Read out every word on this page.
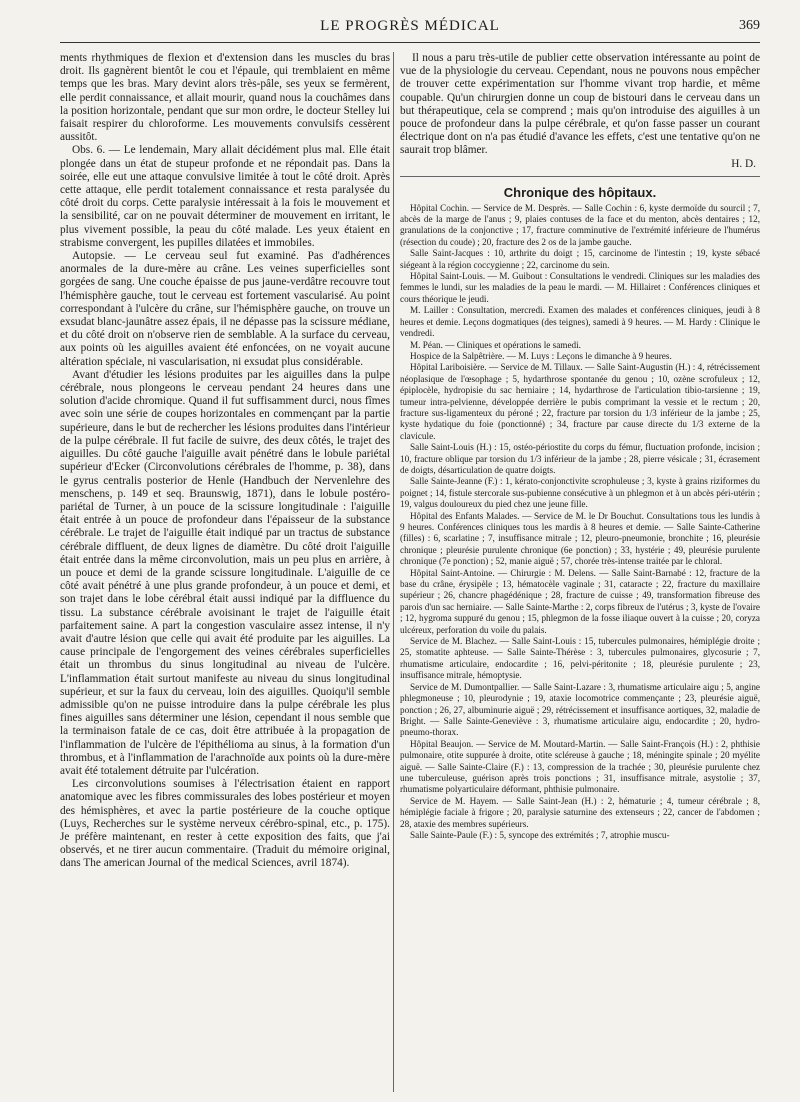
LE PROGRÈS MÉDICAL	369

ments rhythmiques de flexion et d'extension dans les muscles du bras droit. Ils gagnèrent bientôt le cou et l'épaule, qui tremblaient en même temps que les bras. Mary devint alors très-pâle, ses yeux se fermèrent, elle perdit connaissance, et allait mourir, quand nous la couchâmes dans la position horizontale, pendant que sur mon ordre, le docteur Stelley lui faisait respirer du chloroforme. Les mouvements convulsifs cessèrent aussitôt.

Obs. 6. — Le lendemain, Mary allait décidément plus mal. Elle était plongée dans un état de stupeur profonde et ne répondait pas. Dans la soirée, elle eut une attaque convulsive limitée à tout le côté droit. Après cette attaque, elle perdit totalement connaissance et resta paralysée du côté droit du corps. Cette paralysie intéressait à la fois le mouvement et la sensibilité, car on ne pouvait déterminer de mouvement en irritant, le plus vivement possible, la peau du côté malade. Les yeux étaient en strabisme convergent, les pupilles dilatées et immobiles.

Autopsie. — Le cerveau seul fut examiné. Pas d'adhérences anormales de la dure-mère au crâne. Les veines superficielles sont gorgées de sang. Une couche épaisse de pus jaune-verdâtre recouvre tout l'hémisphère gauche, tout le cerveau est fortement vascularisé. Au point correspondant à l'ulcère du crâne, sur l'hémisphère gauche, on trouve un exsudat blanc-jaunâtre assez épais, il ne dépasse pas la scissure médiane, et du côté droit on n'observe rien de semblable. A la surface du cerveau, aux points où les aiguilles avaient été enfoncées, on ne voyait aucune altération spéciale, ni vascularisation, ni exsudat plus considérable.

Avant d'étudier les lésions produites par les aiguilles dans la pulpe cérébrale, nous plongeons le cerveau pendant 24 heures dans une solution d'acide chromique. Quand il fut suffisamment durci, nous fîmes avec soin une série de coupes horizontales en commençant par la partie supérieure, dans le but de rechercher les lésions produites dans l'intérieur de la pulpe cérébrale. Il fut facile de suivre, des deux côtés, le trajet des aiguilles. Du côté gauche l'aiguille avait pénétré dans le lobule pariétal supérieur d'Ecker (Circonvolutions cérébrales de l'homme, p. 38), dans le gyrus centralis posterior de Henle (Handbuch der Nervenlehre des menschens, p. 149 et seq. Braunswig, 1871), dans le lobule postéro-pariétal de Turner, à un pouce de la scissure longitudinale : l'aiguille était entrée à un pouce de profondeur dans l'épaisseur de la substance cérébrale. Le trajet de l'aiguille était indiqué par un tractus de substance cérébrale diffluent, de deux lignes de diamètre. Du côté droit l'aiguille était entrée dans la même circonvolution, mais un peu plus en arrière, à un pouce et demi de la grande scissure longitudinale. L'aiguille de ce côté avait pénétré à une plus grande profondeur, à un pouce et demi, et son trajet dans le lobe cérébral était aussi indiqué par la diffluence du tissu. La substance cérébrale avoisinant le trajet de l'aiguille était parfaitement saine. A part la congestion vasculaire assez intense, il n'y avait d'autre lésion que celle qui avait été produite par les aiguilles. La cause principale de l'engorgement des veines cérébrales superficielles était un thrombus du sinus longitudinal au niveau de l'ulcère. L'inflammation était surtout manifeste au niveau du sinus longitudinal supérieur, et sur la faux du cerveau, loin des aiguilles. Quoiqu'il semble admissible qu'on ne puisse introduire dans la pulpe cérébrale les plus fines aiguilles sans déterminer une lésion, cependant il nous semble que la terminaison fatale de ce cas, doit être attribuée à la propagation de l'inflammation de l'ulcère de l'épithélioma au sinus, à la formation d'un thrombus, et à l'inflammation de l'arachnoïde aux points où la dure-mère avait été totalement détruite par l'ulcération.

Les circonvolutions soumises à l'électrisation étaient en rapport anatomique avec les fibres commissurales des lobes postérieur et moyen des hémisphères, et avec la partie postérieure de la couche optique (Luys, Recherches sur le système nerveux cérébro-spinal, etc., p. 175). Je préfère maintenant, en rester à cette exposition des faits, que j'ai observés, et ne tirer aucun commentaire. (Traduit du mémoire original, dans The american Journal of the medical Sciences, avril 1874).

Il nous a paru très-utile de publier cette observation intéressante au point de vue de la physiologie du cerveau. Cependant, nous ne pouvons nous empêcher de trouver cette expérimentation sur l'homme vivant trop hardie, et même coupable. Qu'un chirurgien donne un coup de bistouri dans le cerveau dans un but thérapeutique, cela se comprend ; mais qu'on introduise des aiguilles à un pouce de profondeur dans la pulpe cérébrale, et qu'on fasse passer un courant électrique dont on n'a pas étudié d'avance les effets, c'est une tentative qu'on ne saurait trop blâmer.

H. D.
Chronique des hôpitaux.

Hôpital Cochin. — Service de M. Desprès. — Salle Cochin : 6, kyste dermoïde du sourcil ; 7, abcès de la marge de l'anus ; 9, plaies contuses de la face et du menton, abcès dentaires ; 12, granulations de la conjonctive ; 17, fracture comminutive de l'extrémité inférieure de l'humérus (résection du coude) ; 20, fracture des 2 os de la jambe gauche.

Salle Saint-Jacques : 10, arthrite du doigt ; 15, carcinome de l'intestin ; 19, kyste sébacé siégeant à la région coccygienne ; 22, carcinome du sein.

Hôpital Saint-Louis. — M. Guibout : Consultations le vendredi. Cliniques sur les maladies des femmes le lundi, sur les maladies de la peau le mardi. — M. Hillairet : Conférences cliniques et cours théorique le jeudi.

M. Lailler : Consultation, mercredi. Examen des malades et conférences cliniques, jeudi à 8 heures et demie. Leçons dogmatiques (des teignes), samedi à 9 heures. — M. Hardy : Clinique le vendredi.

M. Péan. — Cliniques et opérations le samedi.

Hospice de la Salpêtrière. — M. Luys : Leçons le dimanche à 9 heures.

Hôpital Lariboisière. — Service de M. Tillaux. — Salle Saint-Augustin (H.) : 4, rétrécissement néoplasique de l'œsophage ; 5, hydarthrose spontanée du genou ; 10, ozène scrofuleux ; 12, épiplocèle, hydropisie du sac herniaire ; 14, hydarthrose de l'articulation tibio-tarsienne ; 19, tumeur intra-pelvienne, développée derrière le pubis comprimant la vessie et le rectum ; 20, fracture sus-ligamenteux du péroné ; 22, fracture par torsion du 1/3 inférieur de la jambe ; 25, kyste hydatique du foie (ponctionné) ; 34, fracture par cause directe du 1/3 externe de la clavicule.

Salle Saint-Louis (H.) : 15, ostéo-périostite du corps du fémur, fluctuation profonde, incision ; 10, fracture oblique par torsion du 1/3 inférieur de la jambe ; 28, pierre vésicale ; 31, écrasement de doigts, désarticulation de quatre doigts.

Salle Sainte-Jeanne (F.) : 1, kérato-conjonctivite scrophuleuse ; 3, kyste à grains riziformes du poignet ; 14, fistule stercorale sus-pubienne consécutive à un phlegmon et à un abcès péri-utérin ; 19, valgus douloureux du pied chez une jeune fille.

Hôpital des Enfants Malades. — Service de M. le Dr Bouchut. Consultations tous les lundis à 9 heures. Conférences cliniques tous les mardis à 8 heures et demie. — Salle Sainte-Catherine (filles) : 6, scarlatine ; 7, insuffisance mitrale ; 12, pleuro-pneumonie, bronchite ; 16, pleurésie chronique ; pleurésie purulente chronique (6e ponction) ; 33, hystérie ; 49, pleurésie purulente chronique (7e ponction) ; 52, manie aiguë ; 57, chorée très-intense traitée par le chloral.

Hôpital Saint-Antoine. — Chirurgie : M. Delens. — Salle Saint-Barnabé : 12, fracture de la base du crâne, érysipèle ; 13, hématocèle vaginale ; 31, cataracte ; 22, fracture du maxillaire supérieur ; 26, chancre phagédénique ; 28, fracture de cuisse ; 49, transformation fibreuse des parois d'un sac herniaire. — Salle Sainte-Marthe : 2, corps fibreux de l'utérus ; 3, kyste de l'ovaire ; 12, hygroma suppuré du genou ; 15, phlegmon de la fosse iliaque ouvert à la cuisse ; 20, coryza ulcéreux, perforation du voile du palais.

Service de M. Blachez. — Salle Saint-Louis : 15, tubercules pulmonaires, hémiplégie droite ; 25, stomatite aphteuse. — Salle Sainte-Thérèse : 3, tubercules pulmonaires, glycosurie ; 7, rhumatisme articulaire, endocardite ; 16, pelvi-péritonite ; 18, pleurésie purulente ; 23, insuffisance mitrale, hémoptysie.

Service de M. Dumontpallier. — Salle Saint-Lazare : 3, rhumatisme articulaire aigu ; 5, angine phlegmoneuse ; 10, pleurodynie ; 19, ataxie locomotrice commençante ; 23, pleurésie aiguë, ponction ; 26, 27, albuminurie aiguë ; 29, rétrécissement et insuffisance aortiques, 32, maladie de Bright. — Salle Sainte-Geneviève : 3, rhumatisme articulaire aigu, endocardite ; 20, hydro-pneumo-thorax.

Hôpital Beaujon. — Service de M. Moutard-Martin. — Salle Saint-François (H.) : 2, phthisie pulmonaire, otite suppurée à droite, otite scléreuse à gauche ; 18, méningite spinale ; 20 myélite aiguë. — Salle Sainte-Claire (F.) : 13, compression de la trachée ; 30, pleurésie purulente chez une tuberculeuse, guérison après trois ponctions ; 31, insuffisance mitrale, asystolie ; 37, rhumatisme polyarticulaire déformant, phthisie pulmonaire.

Service de M. Hayem. — Salle Saint-Jean (H.) : 2, hématurie ; 4, tumeur cérébrale ; 8, hémiplégie faciale à frigore ; 20, paralysie saturnine des extenseurs ; 22, cancer de l'abdomen ; 28, ataxie des membres supérieurs.

Salle Sainte-Paule (F.) : 5, syncope des extrémités ; 7, atrophie muscu-
